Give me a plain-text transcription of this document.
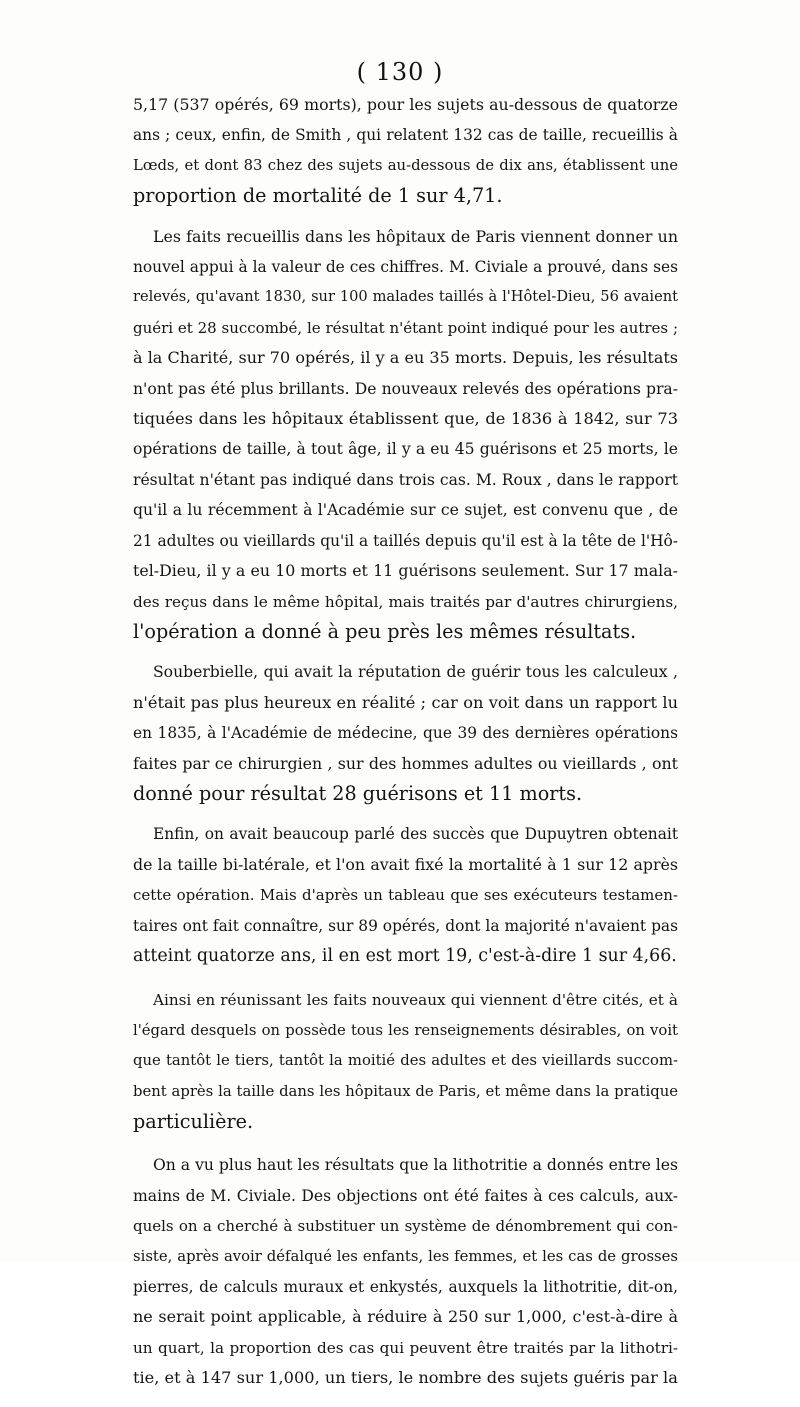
( 130 )
5,17 (537 opérés, 69 morts), pour les sujets au-dessous de quatorze
ans ; ceux, enfin, de Smith , qui relatent 132 cas de taille, recueillis à
Lœds, et dont 83 chez des sujets au-dessous de dix ans, établissent une
proportion de mortalité de 1 sur 4,71.
Les faits recueillis dans les hôpitaux de Paris viennent donner un
nouvel appui à la valeur de ces chiffres. M. Civiale a prouvé, dans ses
relevés, qu'avant 1830, sur 100 malades taillés à l'Hôtel-Dieu, 56 avaient
guéri et 28 succombé, le résultat n'étant point indiqué pour les autres ;
à la Charité, sur 70 opérés, il y a eu 35 morts. Depuis, les résultats
n'ont pas été plus brillants. De nouveaux relevés des opérations pra-
tiquées dans les hôpitaux établissent que, de 1836 à 1842, sur 73
opérations de taille, à tout âge, il y a eu 45 guérisons et 25 morts, le
résultat n'étant pas indiqué dans trois cas. M. Roux , dans le rapport
qu'il a lu récemment à l'Académie sur ce sujet, est convenu que , de
21 adultes ou vieillards qu'il a taillés depuis qu'il est à la tête de l'Hô-
tel-Dieu, il y a eu 10 morts et 11 guérisons seulement. Sur 17 mala-
des reçus dans le même hôpital, mais traités par d'autres chirurgiens,
l'opération a donné à peu près les mêmes résultats.
Souberbielle, qui avait la réputation de guérir tous les calculeux ,
n'était pas plus heureux en réalité ; car on voit dans un rapport lu
en 1835, à l'Académie de médecine, que 39 des dernières opérations
faites par ce chirurgien , sur des hommes adultes ou vieillards , ont
donné pour résultat 28 guérisons et 11 morts.
Enfin, on avait beaucoup parlé des succès que Dupuytren obtenait
de la taille bi-latérale, et l'on avait fixé la mortalité à 1 sur 12 après
cette opération. Mais d'après un tableau que ses exécuteurs testamen-
taires ont fait connaître, sur 89 opérés, dont la majorité n'avaient pas
atteint quatorze ans, il en est mort 19, c'est-à-dire 1 sur 4,66.
Ainsi en réunissant les faits nouveaux qui viennent d'être cités, et à
l'égard desquels on possède tous les renseignements désirables, on voit
que tantôt le tiers, tantôt la moitié des adultes et des vieillards succom-
bent après la taille dans les hôpitaux de Paris, et même dans la pratique
particulière.
On a vu plus haut les résultats que la lithotritie a donnés entre les
mains de M. Civiale. Des objections ont été faites à ces calculs, aux-
quels on a cherché à substituer un système de dénombrement qui con-
siste, après avoir défalqué les enfants, les femmes, et les cas de grosses
pierres, de calculs muraux et enkystés, auxquels la lithotritie, dit-on,
ne serait point applicable, à réduire à 250 sur 1,000, c'est-à-dire à
un quart, la proportion des cas qui peuvent être traités par la lithotri-
tie, et à 147 sur 1,000, un tiers, le nombre des sujets guéris par la
